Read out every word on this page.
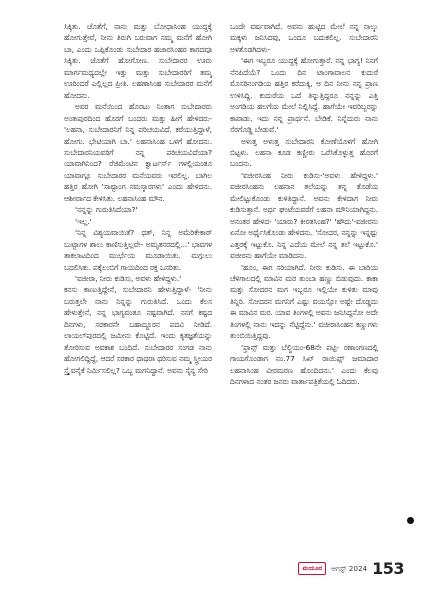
ಸಿಕ್ಕಿತು. ಜೊತೆಗೆ, ನಾನು ಮತ್ತು ಬೋಧಾಸಿಂಹ ಯುದ್ಧಕ್ಕೆ ಹೋಗುತ್ತೇವೆ, ನೀನು ತಿರುಗಿ ಬರುವಾಗ ನಮ್ಮ ಮನೆಗೆ ಹೋಗಿ ಬಾ, ಎಂದು ಒಪ್ಪಿಕೊಂಡು ಸುಬೇದಾರ ಹಜಾರಸಿಂಹರ ಕಾಗದವೂ ಸಿಕ್ಕಿತು. ಜೊತೆಗೆ ಹೋಗೋಣ. ಸುಬೇದಾರರ ಊರು ಮಾರ್ಗಮಧ್ಯದಲ್ಲೇ ಇತ್ತು ಮತ್ತು ಸುಬೇದಾರರಿಗೆ ತಮ್ಮ ಊರಿಂದರೆ ಎಲ್ಲಿಲ್ಲದ ಪ್ರೀತಿ. ಲಹಣಾಸಿಂಹ ಸುಬೇದಾರರ ಮನೆಗೆ ಹೋದನು.

ಅವರ ಮನೆಯಿಂದ ಹೊರಟು ನಿಂತಾಗ ಸುಬೇದಾರರು ಅಂತಃಪುರದಿಂದ ಹೊರಗೆ ಬಂದರು ಮತ್ತು ಹೀಗೆ ಹೇಳಿದರು-'ಲಹನಾ, ಸುಬೇದಾರನಿಗೆ ನಿನ್ನ ಪರಿಚಯವಿದೆ. ಕರೆಯುತ್ತಿದ್ದಾಳೆ, ಹೋಗು. ಭೇಟಿಯಾಗಿ ಬಾ.' ಲಹನಾಸಿಂಹ ಒಳಗೆ ಹೋದನು. ಸುಬೇದಾರನಿಯವರಿಗೆ ನನ್ನ ಪರಿಚಯವಿದೆಯಾ? ಯಾವಾಗಿನಿಂದ? ರೆಜಿಮೆಂಟಿನ ಕ್ವಾರ್ಟರ್ಸ್ ಗಳಲ್ಲಿಯಂತೂ ಯಾವಾಗ್ಲೂ ಸುಬೇದಾರರ ಮನೆಯವರು ಇರಲಿಲ್ಲ. ಬಾಗಿಲ ಹತ್ತಿರ ಹೋಗಿ 'ಸಾಷ್ಟಾಂಗ ನಮಸ್ಕಾರಗಳು' ಎಂದು ಹೇಳಿದನು. ಆಶೀರ್ವಾದ ಕೇಳಿಸಿತು. ಲಹನಾಸಿಂಹ ಮೌನ.

'ನನ್ನನ್ನು ಗುರುತಿಸಿದೆಯಾ?'

'ಇಲ್ಲ.'

'ನಿನ್ನ ವಿಶ್ಯಯವಾಯಿತೆ? ಧತ್, ನಿನ್ನ ಅಮೆರಿಕೇಕಾರ್ ಬುಟ್ಟಾಗಳ ಶಾಲು ಕಾಣಿಸುತ್ತಿಲ್ಲವೇ- ಅಮೃತಸರದಲ್ಲಿ...' ಭಾವಗಳ ತಾಕಲಾಟದಿಂದ ಮುರ್ಛೆಯ ಮೂಡಾಯಿತು. ಮಗ್ಗುಲು ಬದಲಿಸಿತು. ಪಕ್ಕೆಲುಬಿಗೆ ಗಾಯದಿಂದ ರಕ್ತ ಒಸರಿತು.

'ವಜೀರಾ, ನೀರು ಕುಡಿಸು, ಅವಳು ಹೇಳಿದ್ದಳು.'

ಕನಸು ಕಾಣುತ್ತಿದ್ದೇನೆ, ಸುಬೇದಾರನಿ ಹೇಳುತ್ತಿದ್ದಾಳೆ- 'ನೀನು ಬರುತ್ತಲೇ ನಾನು ನಿನ್ನನ್ನು ಗುರುತಿಸಿದೆ. ಒಂದು ಕೆಲಸ ಹೇಳುತ್ತೇನೆ, ನನ್ನ ಭಾಗ್ಯವಂತೂ ನಷ್ಟವಾಗಿದೆ. ನನಗೆ ಕಷ್ಟದ ದಿನಗಳು, ಸರಕಾರನೇ ಬಹಾದ್ದೂರನ ಪದವಿ ನೀಡಿದೆ. ಲಾಯಲ್‌ಪುರದಲ್ಲಿ ಜಮೀನು ಕೊಟ್ಟಿದೆ. ಇಂದು ಕೃತಜ್ಞತೆಯನ್ನು ತೋರಿಸುವ ಅವಕಾಶ ಬಂದಿದೆ. ಸುಬೇದಾರರ ಸಂಗಡ ನಾನು ಹೋಗಲಿದ್ದಿದ್ದೆ, ಆದರೆ ಸರಕಾರ ಥಾಥರಾ ಥರಿಸುವ ನಮ್ಮ ಸ್ತ್ರೀಯರ ಸ್ತ್ರೈವನೈಕೆ ನಿರ್ಮಿಸಲಿಲ್ಲ? ಒಬ್ಬ ಮಗನಿದ್ದಾನೆ. ಅವನು ಸೈನ್ಯ ಸೇರಿ

ಒಂದೇ ವರ್ಷವಾಗಿದೆ. ಅವನು ಹುಟ್ಟಿದ ಮೇಲೆ ನನ್ನ ನಾಲ್ಕು ಮಕ್ಕಳು ಜನಿಸಿದವು, ಒಂದೂ ಬದುಕಲಿಲ್ಲ. ಸುಬೇದಾರನಿ ಅಳತೊಡಗಿದಳು-

'ಈಗ ಇಬ್ಬರೂ ಯುದ್ಧಕ್ಕೆ ಹೋಗುತ್ತಾರೆ. ನನ್ನ ಭಾಗ್ಯ! ನಿನಗೆ ನೆನಪಿದೆಯೆ? ಒಂದು ದಿನ ಟಾಂಗಾವಾಲನ ಕುದುರೆ ಮೊಸರಿನಂಗಡಿಯ ಹತ್ತಿರ ಕರೆದುಕ್ಕಿ, ಆ ದಿನ ನೀನು ನನ್ನ ಪ್ರಾಣ ಉಳಿಸಿದ್ದಿ. ಕುದುರೆಯ ಒದೆ ತಿನ್ನುತ್ತಿದ್ದರೂ ನನ್ನನ್ನು ಎತ್ತಿ ಅಂಗಡಿಯ ಹಲಗೆಯ ಮೇಲೆ ನಿಲ್ಲಿಸಿದ್ದೆ. ಹಾಗೆಯೇ ಇವರಿಬ್ಬರನ್ನು ಕಾಪಾಡು. ಇದು ನನ್ನ ಪ್ರಾರ್ಥನೆ. ಬೇಡಿಕೆ. ನಿನ್ನೆದುರು ನಾನು ಸೆರಗೊಡ್ಡಿ ಬೇಡುವೆ.'

ಅಳುತ್ತ ಅಳುತ್ತ ಸುಬೇದಾರನಿ ಕೋಣೆಯೊಳಗೆ ಹೋಗಿ ಬಿಟ್ಟಳು. ಲಹನಾ ಕೂಡ ಕಣ್ಣೀರು ಒರೆಸಿಕೊಳ್ಳುತ್ತ ಹೊರಗೆ ಬಂದನು.

'ವಜೀರಸಿಂಹ ನೀರು ಕುಡಿಸು-'ಅವಳು ಹೇಳಿದ್ದಳು.' ವಜೀರಸಿಂಹನು ಲಹನಾನ ತಲೆಯನ್ನು ತನ್ನ ತೊಡೆಯ ಮೇಲಿಟ್ಟುಕೊಂಡು ಕುಳಿತಿದ್ದಾನೆ. ಅವನು ಕೇಳಿದಾಗ ನೀರು ಕುಡಿಸುತ್ತಾನೆ. ಅರ್ಧ ಘಂಟೆಯವರೆಗೆ ಲಹನಾ ಮೌನಿಯಾಗಿದ್ದನು. ಅನಂತರ ಹೇಳಿದ- 'ಯಾರು? ಕೀರತಸಿಂಹ?' 'ಹೌದು'-ವಜೀರನು ಏನೋ ಅರ್ಥೈಸಿಕೊಂಡು ಹೇಳಿದನು. 'ಸೋದರ, ನನ್ನನ್ನು ಇನ್ನಷ್ಟು ಎತ್ತರಕ್ಕೆ ಇಟ್ಟುಕೊ. ನಿನ್ನ ಎದೆಯ ಮೇಲೆ ನನ್ನ ತಲೆ ಇಟ್ಟುಕೊ.' ವಜೀರನು ಹಾಗೆಯೇ ಮಾಡಿದನು.

'ಹೂಂ, ಈಗ ಸರಿಯಾಗಿದೆ. ನೀರು ಕುಡಿಸು. ಈ ಬಾರಿಯ ಚೆಳಿಗಾಲದಲ್ಲಿ ಮಾವಿನ ಮರ ತುಂಬಾ ಹಣ್ಣು ಬಿಡುವುದು. ಕಾಕಾ ಮತ್ತು ಸೋದರನ ಮಗ ಇಬ್ಬರೂ ಇಲ್ಲಿಯೇ ಕುಳಿತು ಮಾವು ತಿನ್ನಿರಿ. ಸೋದರನ ಮಗನಿಗೆ ಎಷ್ಟು ವಯಸ್ಸೋ ಅಷ್ಟೇ ದೊಡ್ಡದು ಈ ಮಾವಿನ ಮರ. ಯಾವ ತಿಂಗಳಲ್ಲಿ ಅವನು ಜನಿಸಿದ್ದನೋ ಅದೇ ತಿಂಗಳಲ್ಲಿ ನಾನು ಇದನ್ನು ನೆಟ್ಟಿದ್ದೆನು.' ವಜೀರಾಸಿಂಹನ ಕಣ್ಣುಗಳು ತುಂಬಿಯಿತ್ತಿದ್ದವು.

'ಫ್ರಾನ್ಸ್ ಮತ್ತು ಬೆಲ್ಜಿಯಂ-68ನೇ ಪಟ್ಟಿ- ರಣಾಂಗಣದಲ್ಲಿ ಗಾಯಗೊಂಡಾಗ ನಂ.77 ಸಿಖ್ ರಾಯಿಫ್ಸ್ ಜಮಾದಾರ ಲಹನಾಸಿಂಹ ವೀರಮರಣ ಹೊಂದಿದನು.' ಎಂದು ಕೆಲವು ದಿನಗಳಾದ ನಂತರ ಜನರು ವಾರ್ತಾಪತ್ರಿಕೆಯಲ್ಲಿ ಓದಿದರು.

ಮಯೂರ	ಆಗಸ್ಟ್ 2024 153
